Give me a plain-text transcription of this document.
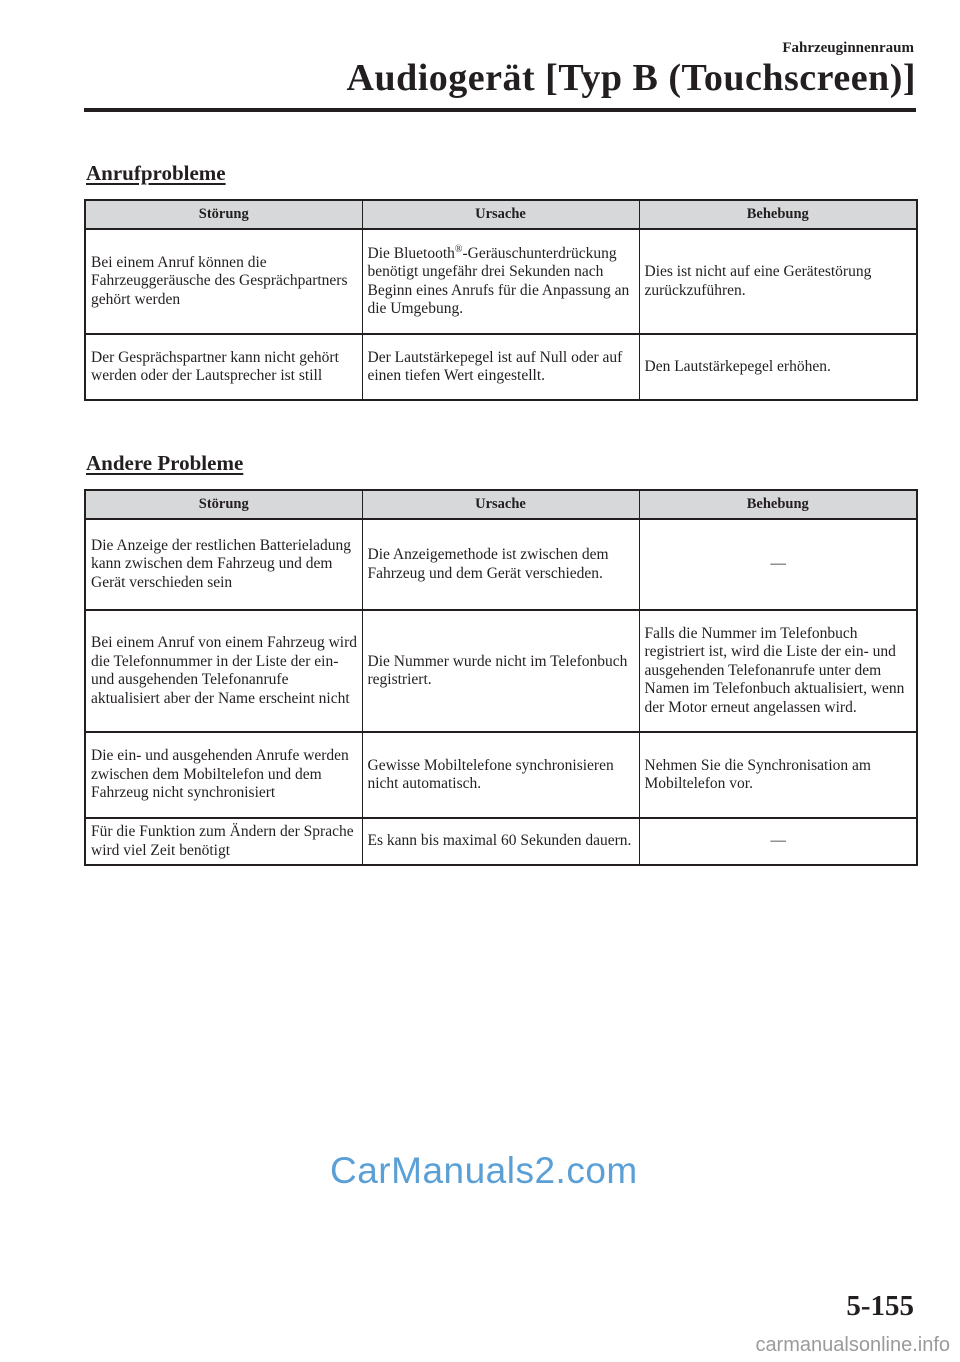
Fahrzeuginnenraum
Audiogerät [Typ B (Touchscreen)]
Anrufprobleme
Störung	Ursache	Behebung
Bei einem Anruf können die Fahrzeuggeräusche des Gesprächpartners gehört werden	Die Bluetooth®-Geräuschunterdrückung benötigt ungefähr drei Sekunden nach Beginn eines Anrufs für die Anpassung an die Umgebung.	Dies ist nicht auf eine Gerätestörung zurückzuführen.
Der Gesprächspartner kann nicht gehört werden oder der Lautsprecher ist still	Der Lautstärkepegel ist auf Null oder auf einen tiefen Wert eingestellt.	Den Lautstärkepegel erhöhen.
Andere Probleme
Störung	Ursache	Behebung
Die Anzeige der restlichen Batterieladung kann zwischen dem Fahrzeug und dem Gerät verschieden sein	Die Anzeigemethode ist zwischen dem Fahrzeug und dem Gerät verschieden.	—
Bei einem Anruf von einem Fahrzeug wird die Telefonnummer in der Liste der ein- und ausgehenden Telefonanrufe aktualisiert aber der Name erscheint nicht	Die Nummer wurde nicht im Telefonbuch registriert.	Falls die Nummer im Telefonbuch registriert ist, wird die Liste der ein- und ausgehenden Telefonanrufe unter dem Namen im Telefonbuch aktualisiert, wenn der Motor erneut angelassen wird.
Die ein- und ausgehenden Anrufe werden zwischen dem Mobiltelefon und dem Fahrzeug nicht synchronisiert	Gewisse Mobiltelefone synchronisieren nicht automatisch.	Nehmen Sie die Synchronisation am Mobiltelefon vor.
Für die Funktion zum Ändern der Sprache wird viel Zeit benötigt	Es kann bis maximal 60 Sekunden dauern.	—
CarManuals2.com
5-155
carmanualsonline.info
